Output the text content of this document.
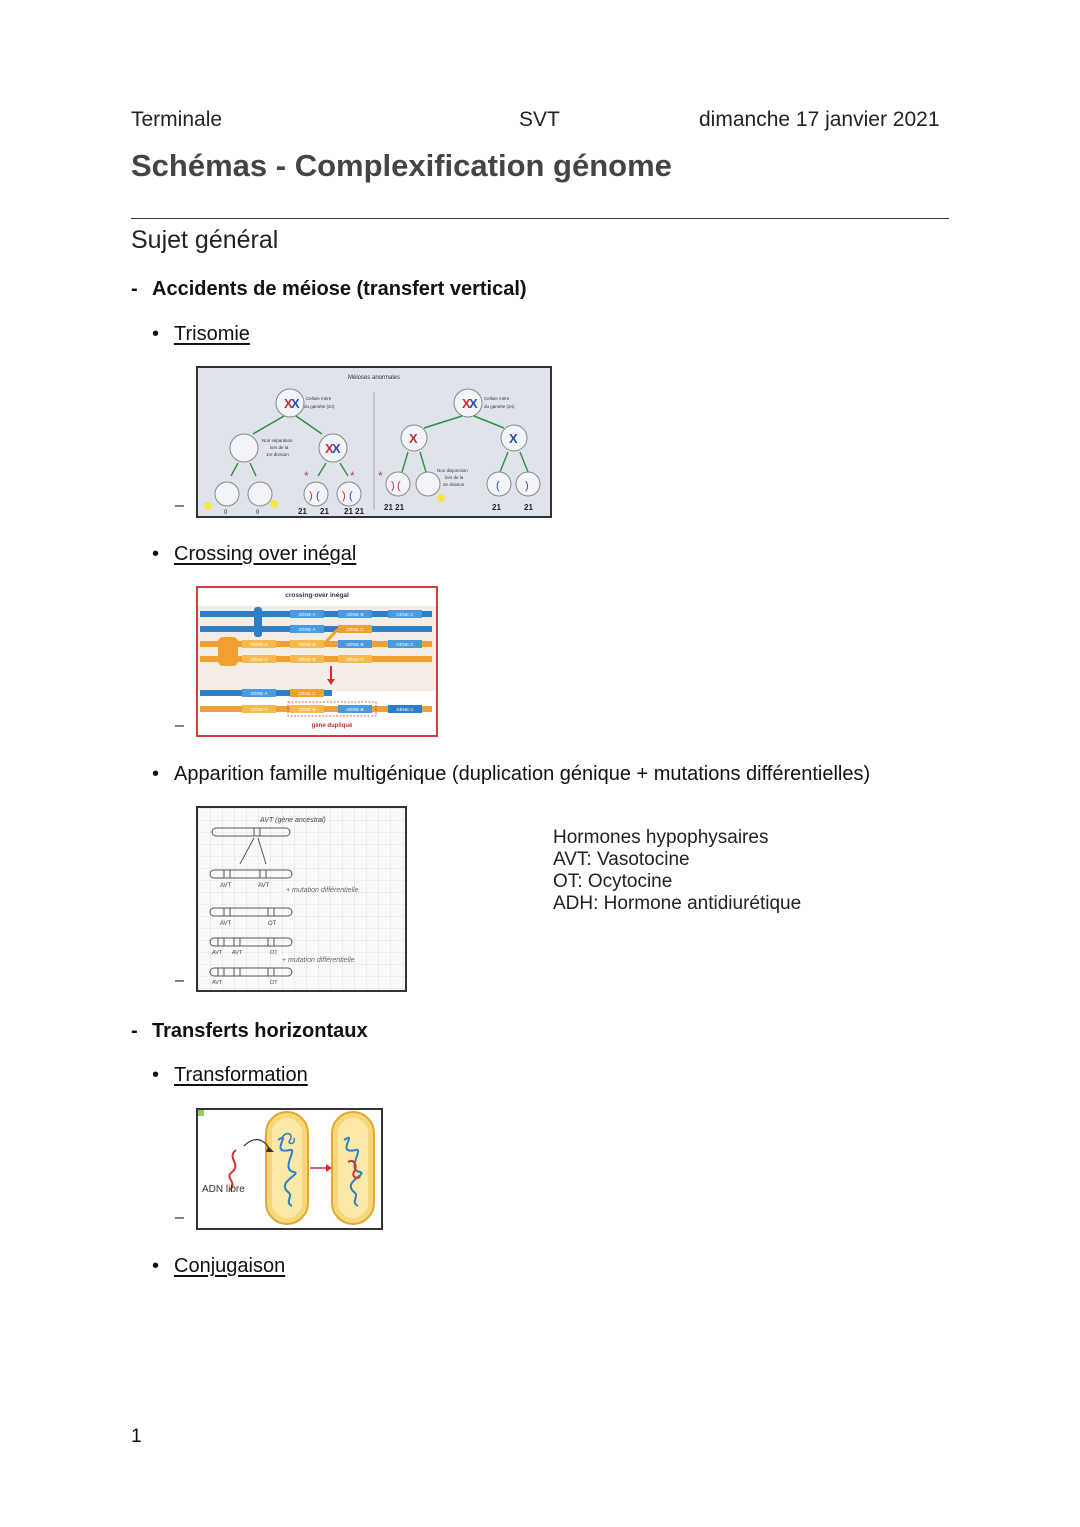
Terminale	SVT	dimanche 17 janvier 2021
Schémas - Complexification génome
Sujet général
- Accidents de méiose (transfert vertical)
• Trisomie
–
Méioses anormales
X
X Cellule mère
du gamète (2n)
X
X
Non séparation
lors de la
1re division
) ( ) (
*	*
0	0	21 21 21 21
X
X Cellule mère
du gamète (2n)
X	X
Non disjonction
lors de la
2e division
) (
*
( )
21 21	21	21
• Crossing over inégal
–
crossing-over inégal
GÈNE A	GÈNE B	GÈNE C
GÈNE A	GÈNE C
GÈNE A	GÈNE B	GÈNE B	GÈNE C
GÈNE A	GÈNE B	GÈNE C
GÈNE A	GÈNE C
GÈNE A	GÈNE B	GÈNE B	GÈNE C
gène dupliqué
• Apparition famille multigénique (duplication génique + mutations différentielles)
–
AVT (gène ancestral)
AVT	AVT
+ mutation différentielle
AVT	OT
AVT AVT	OT
+ mutation différentielle
AVT	OT
Hormones hypophysaires
AVT: Vasotocine
OT: Ocytocine
ADH: Hormone antidiurétique
- Transferts horizontaux
• Transformation
–
ADN libre
• Conjugaison
1
